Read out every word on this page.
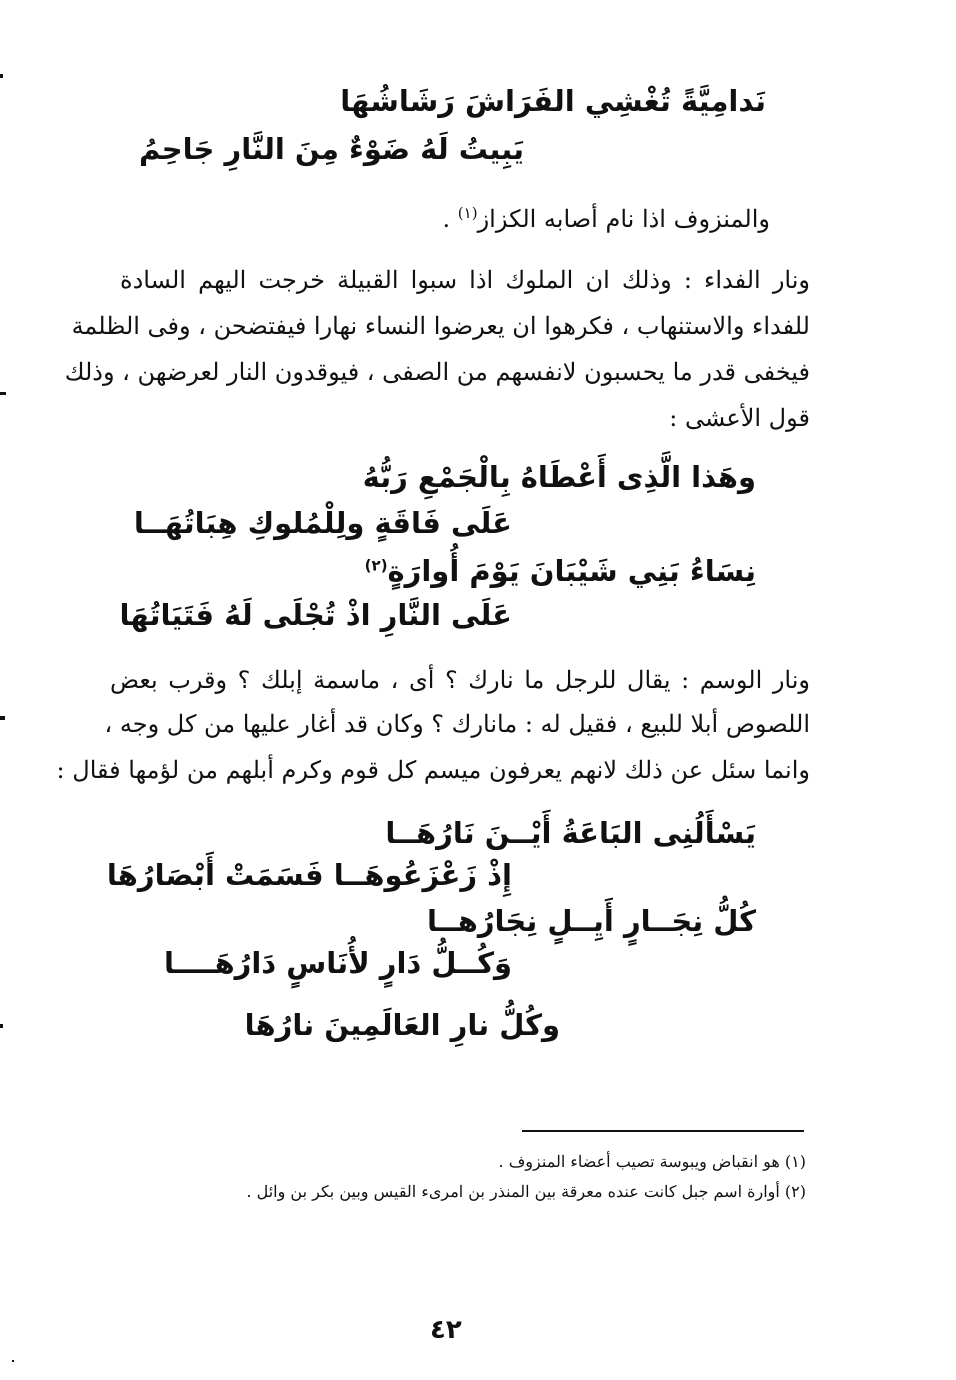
نَدامِيَّةً تُغْشِي الفَرَاشَ رَشَاشُهَا
يَبِيتُ لَهُ ضَوْءٌ مِنَ النَّارِ جَاحِمُ
والمنزوف اذا نام أصابه الكزاز$^{(١)}$ .
ونار الفداء : وذلك ان الملوك اذا سبوا القبيلة خرجت اليهم السادة
للفداء والاستنهاب ، فكرهوا ان يعرضوا النساء نهارا فيفتضحن ، وفى الظلمة
فيخفى قدر ما يحسبون لانفسهم من الصفى ، فيوقدون النار لعرضهن ، وذلك
قول الأعشى :
وهَذا الَّذِى أَعْطَاهُ بِالْجَمْعِ رَبُّهُ
عَلَى فَاقَةٍ ولِلْمُلوكِ هِبَاتُهَــا
نِسَاءُ بَنِي شَيْبَانَ يَوْمَ أُوارَةٍ$^{(٢)}$
عَلَى النَّارِ اذْ تُجْلَى لَهُ فَتَيَاتُهَا
ونار الوسم : يقال للرجل ما نارك ؟ أى ، ماسمة إبلك ؟ وقرب بعض
اللصوص أبلا للبيع ، فقيل له : مانارك ؟ وكان قد أغار عليها من كل وجه ،
وانما سئل عن ذلك لانهم يعرفون ميسم كل قوم وكرم أبلهم من لؤمها فقال :
يَسْأَلُنِى البَاعَةُ أَيْــنَ نَارُهَــا
إِذْ زَعْزَعُوهَــا فَسَمَتْ أَبْصَارُهَا
كُلُّ نِجَــارٍ أَيِــلٍ نِجَارُهــا
وَكُــلُّ دَارٍ لأُنَاسٍ دَارُهَــــا
وكُلُّ نارِ العَالَمِينَ نارُهَا
(١) هو انقباض ويبوسة تصيب أعضاء المنزوف .
(٢) أوارة اسم جبل كانت عنده معرقة بين المنذر بن امرىء القيس وبين بكر بن وائل .
٤٢
